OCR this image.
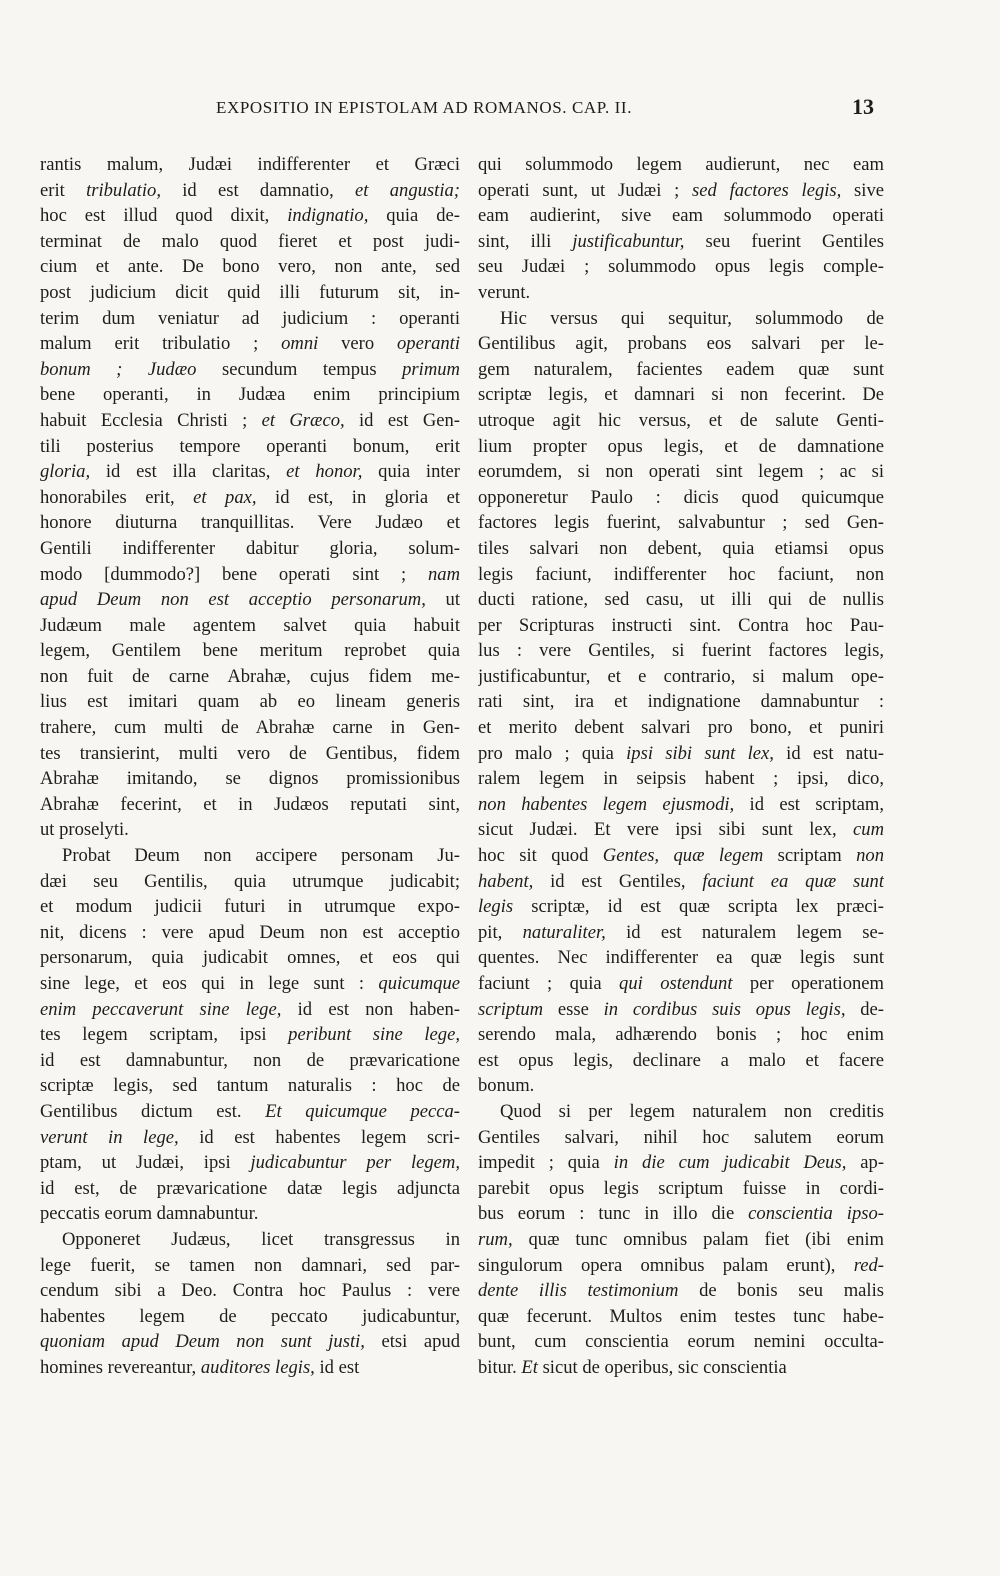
EXPOSITIO IN EPISTOLAM AD ROMANOS. CAP. II.	13

rantis malum, Judæi indifferenter et Græci
erit tribulatio, id est damnatio, et angustia;
hoc est illud quod dixit, indignatio, quia de-
terminat de malo quod fieret et post judi-
cium et ante. De bono vero, non ante, sed
post judicium dicit quid illi futurum sit, in-
terim dum veniatur ad judicium : operanti
malum erit tribulatio ; omni vero operanti
bonum ; Judæo secundum tempus primum
bene operanti, in Judæa enim principium
habuit Ecclesia Christi ; et Græco, id est Gen-
tili posterius tempore operanti bonum, erit
gloria, id est illa claritas, et honor, quia inter
honorabiles erit, et pax, id est, in gloria et
honore diuturna tranquillitas. Vere Judæo et
Gentili indifferenter dabitur gloria, solum-
modo [dummodo?] bene operati sint ; nam
apud Deum non est acceptio personarum, ut
Judæum male agentem salvet quia habuit
legem, Gentilem bene meritum reprobet quia
non fuit de carne Abrahæ, cujus fidem me-
lius est imitari quam ab eo lineam generis
trahere, cum multi de Abrahæ carne in Gen-
tes transierint, multi vero de Gentibus, fidem
Abrahæ imitando, se dignos promissionibus
Abrahæ fecerint, et in Judæos reputati sint,
ut proselyti.

Probat Deum non accipere personam Ju-
dæi seu Gentilis, quia utrumque judicabit;
et modum judicii futuri in utrumque expo-
nit, dicens : vere apud Deum non est acceptio
personarum, quia judicabit omnes, et eos qui
sine lege, et eos qui in lege sunt : quicumque
enim peccaverunt sine lege, id est non haben-
tes legem scriptam, ipsi peribunt sine lege,
id est damnabuntur, non de prævaricatione
scriptæ legis, sed tantum naturalis : hoc de
Gentilibus dictum est. Et quicumque pecca-
verunt in lege, id est habentes legem scri-
ptam, ut Judæi, ipsi judicabuntur per legem,
id est, de prævaricatione datæ legis adjuncta
peccatis eorum damnabuntur.

Opponeret Judæus, licet transgressus in
lege fuerit, se tamen non damnari, sed par-
cendum sibi a Deo. Contra hoc Paulus : vere
habentes legem de peccato judicabuntur,
quoniam apud Deum non sunt justi, etsi apud
homines revereantur, auditores legis, id est

qui solummodo legem audierunt, nec eam
operati sunt, ut Judæi ; sed factores legis, sive
eam audierint, sive eam solummodo operati
sint, illi justificabuntur, seu fuerint Gentiles
seu Judæi ; solummodo opus legis comple-
verunt.

Hic versus qui sequitur, solummodo de
Gentilibus agit, probans eos salvari per le-
gem naturalem, facientes eadem quæ sunt
scriptæ legis, et damnari si non fecerint. De
utroque agit hic versus, et de salute Genti-
lium propter opus legis, et de damnatione
eorumdem, si non operati sint legem ; ac si
opponeretur Paulo : dicis quod quicumque
factores legis fuerint, salvabuntur ; sed Gen-
tiles salvari non debent, quia etiamsi opus
legis faciunt, indifferenter hoc faciunt, non
ducti ratione, sed casu, ut illi qui de nullis
per Scripturas instructi sint. Contra hoc Pau-
lus : vere Gentiles, si fuerint factores legis,
justificabuntur, et e contrario, si malum ope-
rati sint, ira et indignatione damnabuntur :
et merito debent salvari pro bono, et puniri
pro malo ; quia ipsi sibi sunt lex, id est natu-
ralem legem in seipsis habent ; ipsi, dico,
non habentes legem ejusmodi, id est scriptam,
sicut Judæi. Et vere ipsi sibi sunt lex, cum
hoc sit quod Gentes, quæ legem scriptam non
habent, id est Gentiles, faciunt ea quæ sunt
legis scriptæ, id est quæ scripta lex præci-
pit, naturaliter, id est naturalem legem se-
quentes. Nec indifferenter ea quæ legis sunt
faciunt ; quia qui ostendunt per operationem
scriptum esse in cordibus suis opus legis, de-
serendo mala, adhærendo bonis ; hoc enim
est opus legis, declinare a malo et facere
bonum.

Quod si per legem naturalem non creditis
Gentiles salvari, nihil hoc salutem eorum
impedit ; quia in die cum judicabit Deus, ap-
parebit opus legis scriptum fuisse in cordi-
bus eorum : tunc in illo die conscientia ipso-
rum, quæ tunc omnibus palam fiet (ibi enim
singulorum opera omnibus palam erunt), red-
dente illis testimonium de bonis seu malis
quæ fecerunt. Multos enim testes tunc habe-
bunt, cum conscientia eorum nemini occulta-
bitur. Et sicut de operibus, sic conscientia
